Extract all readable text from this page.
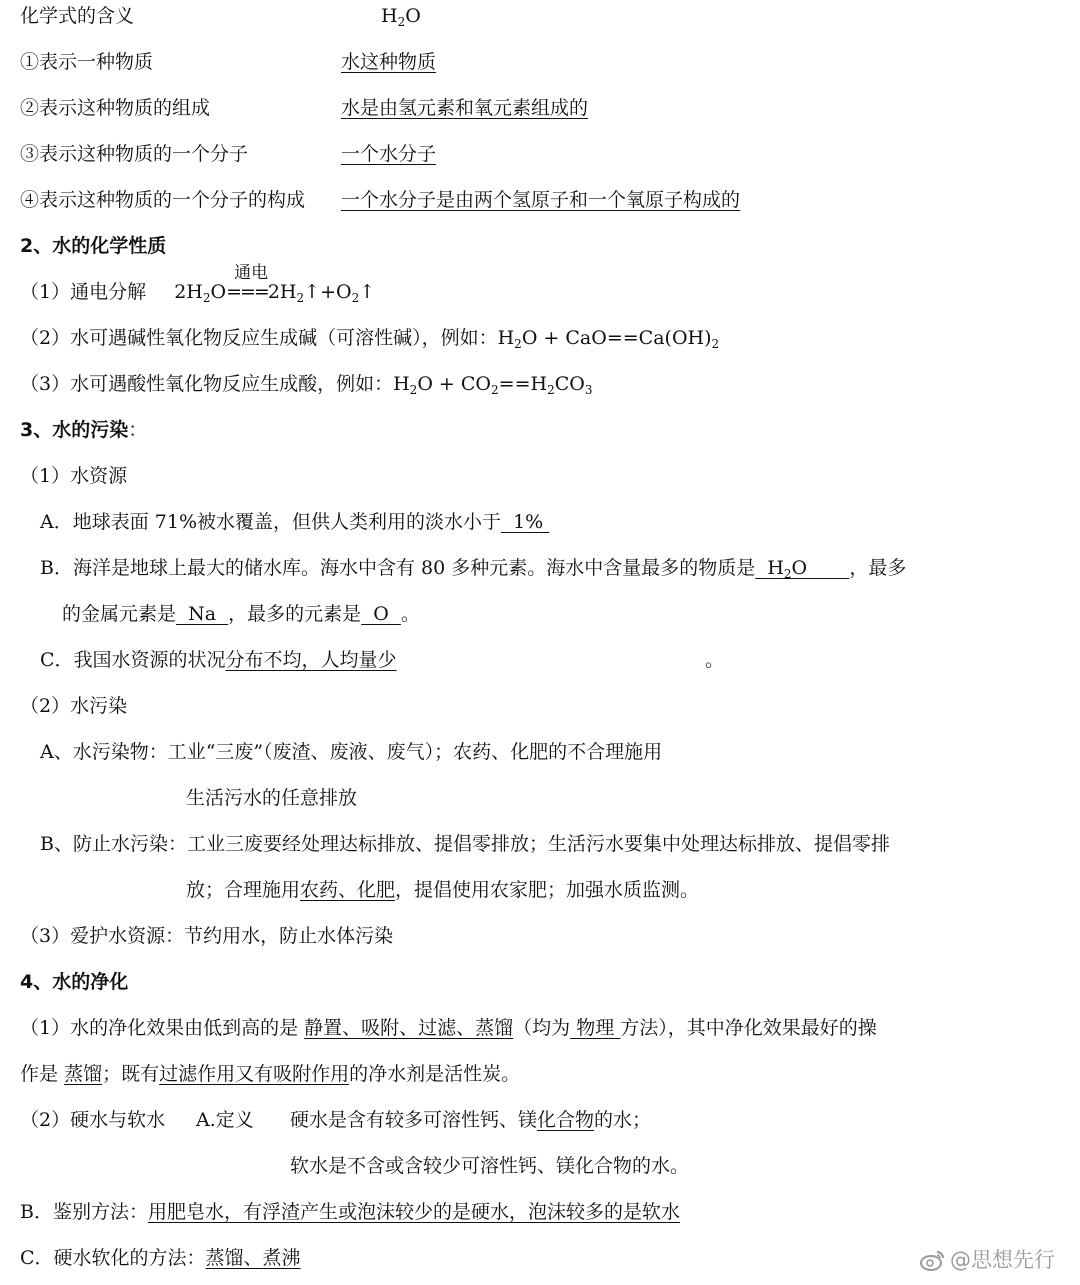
化学式的含义	$H_2O$
①表示一种物质	水这种物质
②表示这种物质的组成	水是由氢元素和氧元素组成的
③表示这种物质的一个分子	一个水分子
④表示这种物质的一个分子的构成 一个水分子是由两个氢原子和一个氧原子构成的
2、水的化学性质
（1）通电分解 $2H_2O$
通电
$===2H_2↑+O_2↑$
（2）水可遇碱性氧化物反应生成碱（可溶性碱），例如：$H_2O + CaO==Ca(OH)_2$
（3）水可遇酸性氧化物反应生成酸，例如：$H_2O + CO_2==H_2CO_3$
3、水的污染：
（1）水资源
A．地球表面 71%被水覆盖，但供人类利用的淡水小于  1%
B．海洋是地球上最大的储水库。海水中含有 80 多种元素。海水中含量最多的物质是  $H_2O$       ，最多
的金属元素是  Na  ，最多的元素是  O  。
C．我国水资源的状况分布不均，人均量少	。
（2）水污染
A、水污染物：工业“三废”（废渣、废液、废气）；农药、化肥的不合理施用
生活污水的任意排放
B、防止水污染：工业三废要经处理达标排放、提倡零排放；生活污水要集中处理达标排放、提倡零排
放；合理施用农药、化肥，提倡使用农家肥；加强水质监测。
（3）爱护水资源：节约用水，防止水体污染
4、水的净化
（1）水的净化效果由低到高的是 静置、吸附、过滤、蒸馏（均为 物理 方法），其中净化效果最好的操
作是 蒸馏；既有过滤作用又有吸附作用的净水剂是活性炭。
（2）硬水与软水 A.定义 硬水是含有较多可溶性钙、镁化合物的水；
软水是不含或含较少可溶性钙、镁化合物的水。
B．鉴别方法：用肥皂水，有浮渣产生或泡沫较少的是硬水，泡沫较多的是软水
C．硬水软化的方法：蒸馏、煮沸	@思想先行
